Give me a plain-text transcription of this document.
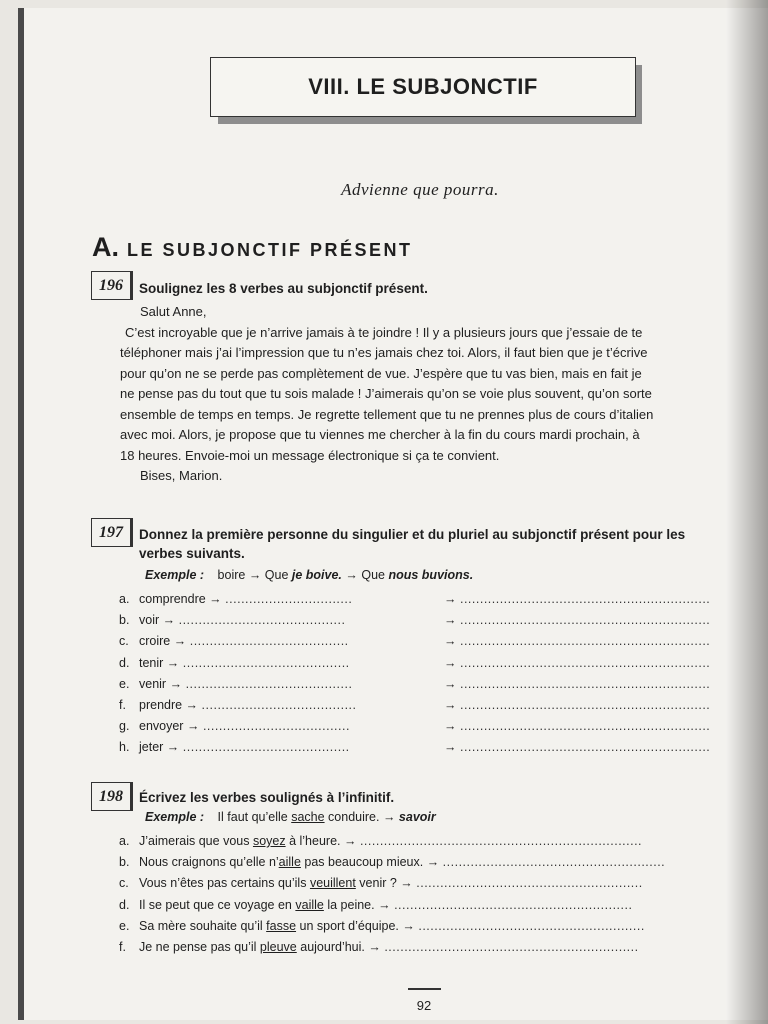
VIII. LE SUBJONCTIF
Advienne que pourra.
A. LE SUBJONCTIF PRÉSENT
196	Soulignez les 8 verbes au subjonctif présent.
Salut Anne,
C’est incroyable que je n’arrive jamais à te joindre ! Il y a plusieurs jours que j’essaie de te
téléphoner mais j’ai l’impression que tu n’es jamais chez toi. Alors, il faut bien que je t’écrive
pour qu’on ne se perde pas complètement de vue. J’espère que tu vas bien, mais en fait je
ne pense pas du tout que tu sois malade ! J’aimerais qu’on se voie plus souvent, qu’on sorte
ensemble de temps en temps. Je regrette tellement que tu ne prennes plus de cours d’italien
avec moi. Alors, je propose que tu viennes me chercher à la fin du cours mardi prochain, à
18 heures. Envoie-moi un message électronique si ça te convient.
Bises, Marion.
197	Donnez la première personne du singulier et du pluriel au subjonctif présent pour les
verbes suivants.
Exemple : boire → Que je boive. → Que nous buvions.
a. comprendre → ................................	→ ...............................................................
b. voir → ..........................................	→ ...............................................................
c. croire → ........................................	→ ...............................................................
d. tenir → ..........................................	→ ...............................................................
e. venir → ..........................................	→ ...............................................................
f. prendre → .......................................	→ ...............................................................
g. envoyer → .....................................	→ ...............................................................
h. jeter → ..........................................	→ ...............................................................
198	Écrivez les verbes soulignés à l’infinitif.
Exemple : Il faut qu’elle sache conduire. → savoir
a. J’aimerais que vous soyez à l’heure. → .......................................................................
b. Nous craignons qu’elle n’aille pas beaucoup mieux. → ........................................................
c. Vous n’êtes pas certains qu’ils veuillent venir ? → .........................................................
d. Il se peut que ce voyage en vaille la peine. → ............................................................
e. Sa mère souhaite qu’il fasse un sport d’équipe. → .........................................................
f. Je ne pense pas qu’il pleuve aujourd’hui. → ................................................................
92
